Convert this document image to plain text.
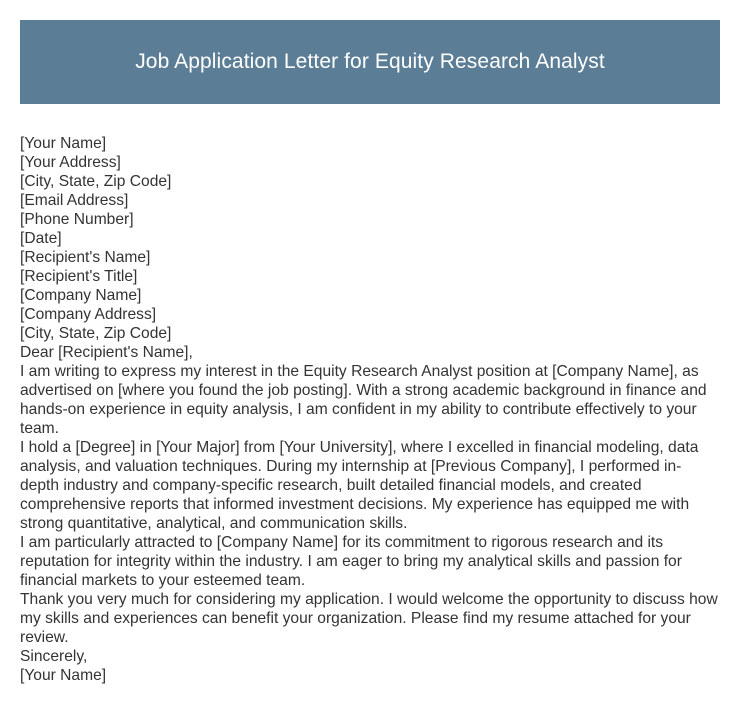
Job Application Letter for Equity Research Analyst
[Your Name]
[Your Address]
[City, State, Zip Code]
[Email Address]
[Phone Number]
[Date]
[Recipient's Name]
[Recipient's Title]
[Company Name]
[Company Address]
[City, State, Zip Code]
Dear [Recipient's Name],
I am writing to express my interest in the Equity Research Analyst position at [Company Name], as advertised on [where you found the job posting]. With a strong academic background in finance and hands-on experience in equity analysis, I am confident in my ability to contribute effectively to your team.
I hold a [Degree] in [Your Major] from [Your University], where I excelled in financial modeling, data analysis, and valuation techniques. During my internship at [Previous Company], I performed in-depth industry and company-specific research, built detailed financial models, and created comprehensive reports that informed investment decisions. My experience has equipped me with strong quantitative, analytical, and communication skills.
I am particularly attracted to [Company Name] for its commitment to rigorous research and its reputation for integrity within the industry. I am eager to bring my analytical skills and passion for financial markets to your esteemed team.
Thank you very much for considering my application. I would welcome the opportunity to discuss how my skills and experiences can benefit your organization. Please find my resume attached for your review.
Sincerely,
[Your Name]
